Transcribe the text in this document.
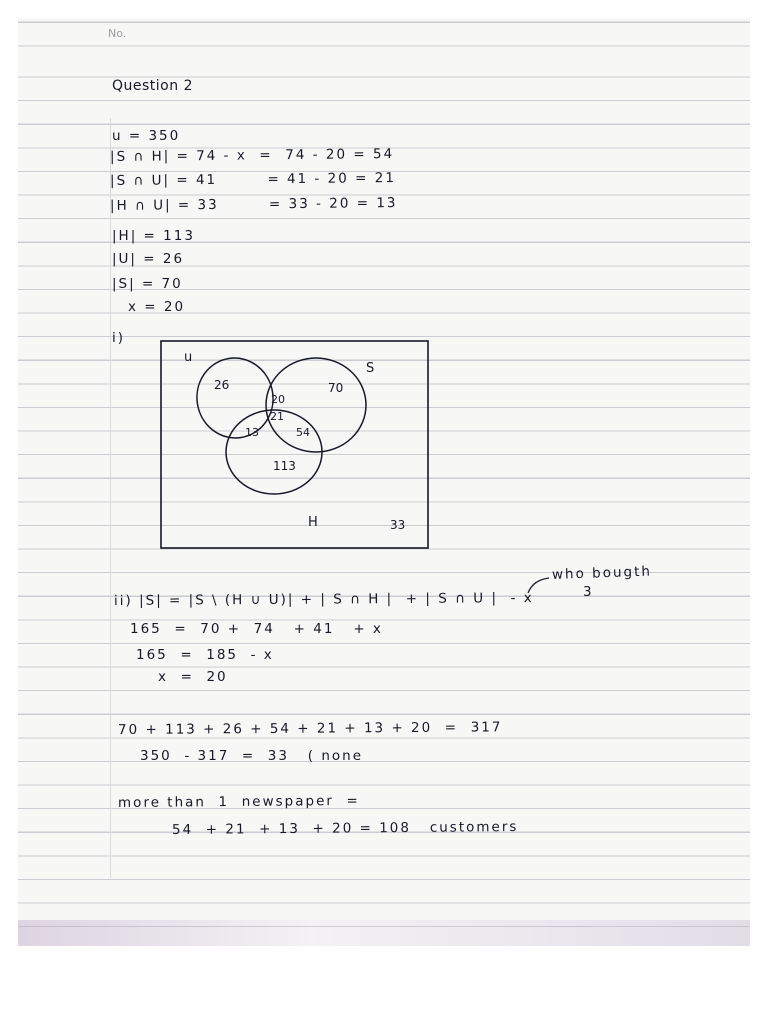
No.
Question 2
u = 350
|S ∩ H| = 74 - x  =  74 - 20 = 54
|S ∩ U| = 41        = 41 - 20 = 21
|H ∩ U| = 33        = 33 - 20 = 13
|H| = 113
|U| = 26
|S| = 70
x = 20
i)
u
S
H
26	70
20
21
13	54
113
33
who bougth
3
ii) |S| = |S \ (H ∪ U)| + | S ∩ H |  + | S ∩ U |  - x
165  =  70 +  74   + 41   + x
165  =  185  - x
x  =  20
70 + 113 + 26 + 54 + 21 + 13 + 20  =  317
350  - 317  =  33   ( none
more than  1  newspaper  =
54  + 21  + 13  + 20 = 108   customers
